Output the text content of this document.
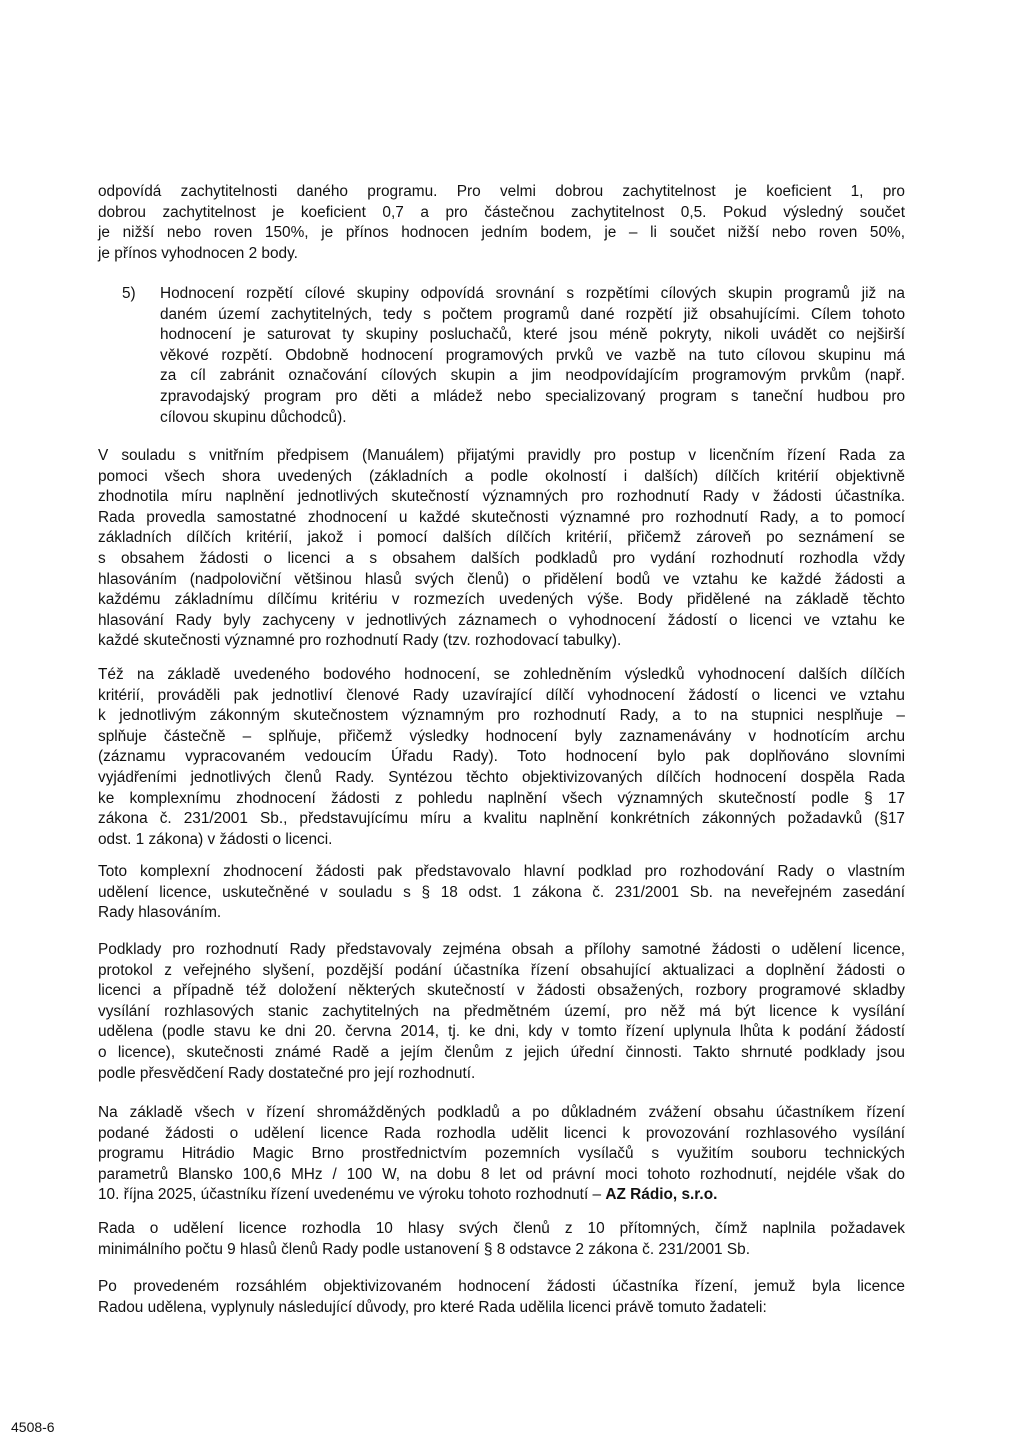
odpovídá zachytitelnosti daného programu. Pro velmi dobrou zachytitelnost je koeficient 1, pro
dobrou zachytitelnost je koeficient 0,7 a pro částečnou zachytitelnost 0,5. Pokud výsledný součet
je nižší nebo roven 150%, je přínos hodnocen jedním bodem, je – li součet nižší nebo roven 50%,
je přínos vyhodnocen 2 body.

5) Hodnocení rozpětí cílové skupiny odpovídá srovnání s rozpětími cílových skupin programů již na
daném území zachytitelných, tedy s počtem programů dané rozpětí již obsahujícími. Cílem tohoto
hodnocení je saturovat ty skupiny posluchačů, které jsou méně pokryty, nikoli uvádět co nejširší
věkové rozpětí. Obdobně hodnocení programových prvků ve vazbě na tuto cílovou skupinu má
za cíl zabránit označování cílových skupin a jim neodpovídajícím programovým prvkům (např.
zpravodajský program pro děti a mládež nebo specializovaný program s taneční hudbou pro
cílovou skupinu důchodců).

V souladu s vnitřním předpisem (Manuálem) přijatými pravidly pro postup v licenčním řízení Rada za
pomoci všech shora uvedených (základních a podle okolností i dalších) dílčích kritérií objektivně
zhodnotila míru naplnění jednotlivých skutečností významných pro rozhodnutí Rady v žádosti účastníka.
Rada provedla samostatné zhodnocení u každé skutečnosti významné pro rozhodnutí Rady, a to pomocí
základních dílčích kritérií, jakož i pomocí dalších dílčích kritérií, přičemž zároveň po seznámení se
s obsahem žádosti o licenci a s obsahem dalších podkladů pro vydání rozhodnutí rozhodla vždy
hlasováním (nadpoloviční většinou hlasů svých členů) o přidělení bodů ve vztahu ke každé žádosti a
každému základnímu dílčímu kritériu v rozmezích uvedených výše. Body přidělené na základě těchto
hlasování Rady byly zachyceny v jednotlivých záznamech o vyhodnocení žádostí o licenci ve vztahu ke
každé skutečnosti významné pro rozhodnutí Rady (tzv. rozhodovací tabulky).

Též na základě uvedeného bodového hodnocení, se zohledněním výsledků vyhodnocení dalších dílčích
kritérií, prováděli pak jednotliví členové Rady uzavírající dílčí vyhodnocení žádostí o licenci ve vztahu
k jednotlivým zákonným skutečnostem významným pro rozhodnutí Rady, a to na stupnici nesplňuje –
splňuje částečně – splňuje, přičemž výsledky hodnocení byly zaznamenávány v hodnotícím archu
(záznamu vypracovaném vedoucím Úřadu Rady). Toto hodnocení bylo pak doplňováno slovními
vyjádřeními jednotlivých členů Rady. Syntézou těchto objektivizovaných dílčích hodnocení dospěla Rada
ke komplexnímu zhodnocení žádosti z pohledu naplnění všech významných skutečností podle § 17
zákona č. 231/2001 Sb., představujícímu míru a kvalitu naplnění konkrétních zákonných požadavků (§17
odst. 1 zákona) v žádosti o licenci.

Toto komplexní zhodnocení žádosti pak představovalo hlavní podklad pro rozhodování Rady o vlastním
udělení licence, uskutečněné v souladu s § 18 odst. 1 zákona č. 231/2001 Sb. na neveřejném zasedání
Rady hlasováním.

Podklady pro rozhodnutí Rady představovaly zejména obsah a přílohy samotné žádosti o udělení licence,
protokol z veřejného slyšení, pozdější podání účastníka řízení obsahující aktualizaci a doplnění žádosti o
licenci a případně též doložení některých skutečností v žádosti obsažených, rozbory programové skladby
vysílání rozhlasových stanic zachytitelných na předmětném území, pro něž má být licence k vysílání
udělena (podle stavu ke dni 20. června 2014, tj. ke dni, kdy v tomto řízení uplynula lhůta k podání žádostí
o licence), skutečnosti známé Radě a jejím členům z jejich úřední činnosti. Takto shrnuté podklady jsou
podle přesvědčení Rady dostatečné pro její rozhodnutí.

Na základě všech v řízení shromážděných podkladů a po důkladném zvážení obsahu účastníkem řízení
podané žádosti o udělení licence Rada rozhodla udělit licenci k provozování rozhlasového vysílání
programu Hitrádio Magic Brno prostřednictvím pozemních vysílačů s využitím souboru technických
parametrů Blansko 100,6 MHz / 100 W, na dobu 8 let od právní moci tohoto rozhodnutí, nejdéle však do
10. října 2025, účastníku řízení uvedenému ve výroku tohoto rozhodnutí – AZ Rádio, s.r.o.

Rada o udělení licence rozhodla 10 hlasy svých členů z 10 přítomných, čímž naplnila požadavek
minimálního počtu 9 hlasů členů Rady podle ustanovení § 8 odstavce 2 zákona č. 231/2001 Sb.

Po provedeném rozsáhlém objektivizovaném hodnocení žádosti účastníka řízení, jemuž byla licence
Radou udělena, vyplynuly následující důvody, pro které Rada udělila licenci právě tomuto žadateli:

4508-6
